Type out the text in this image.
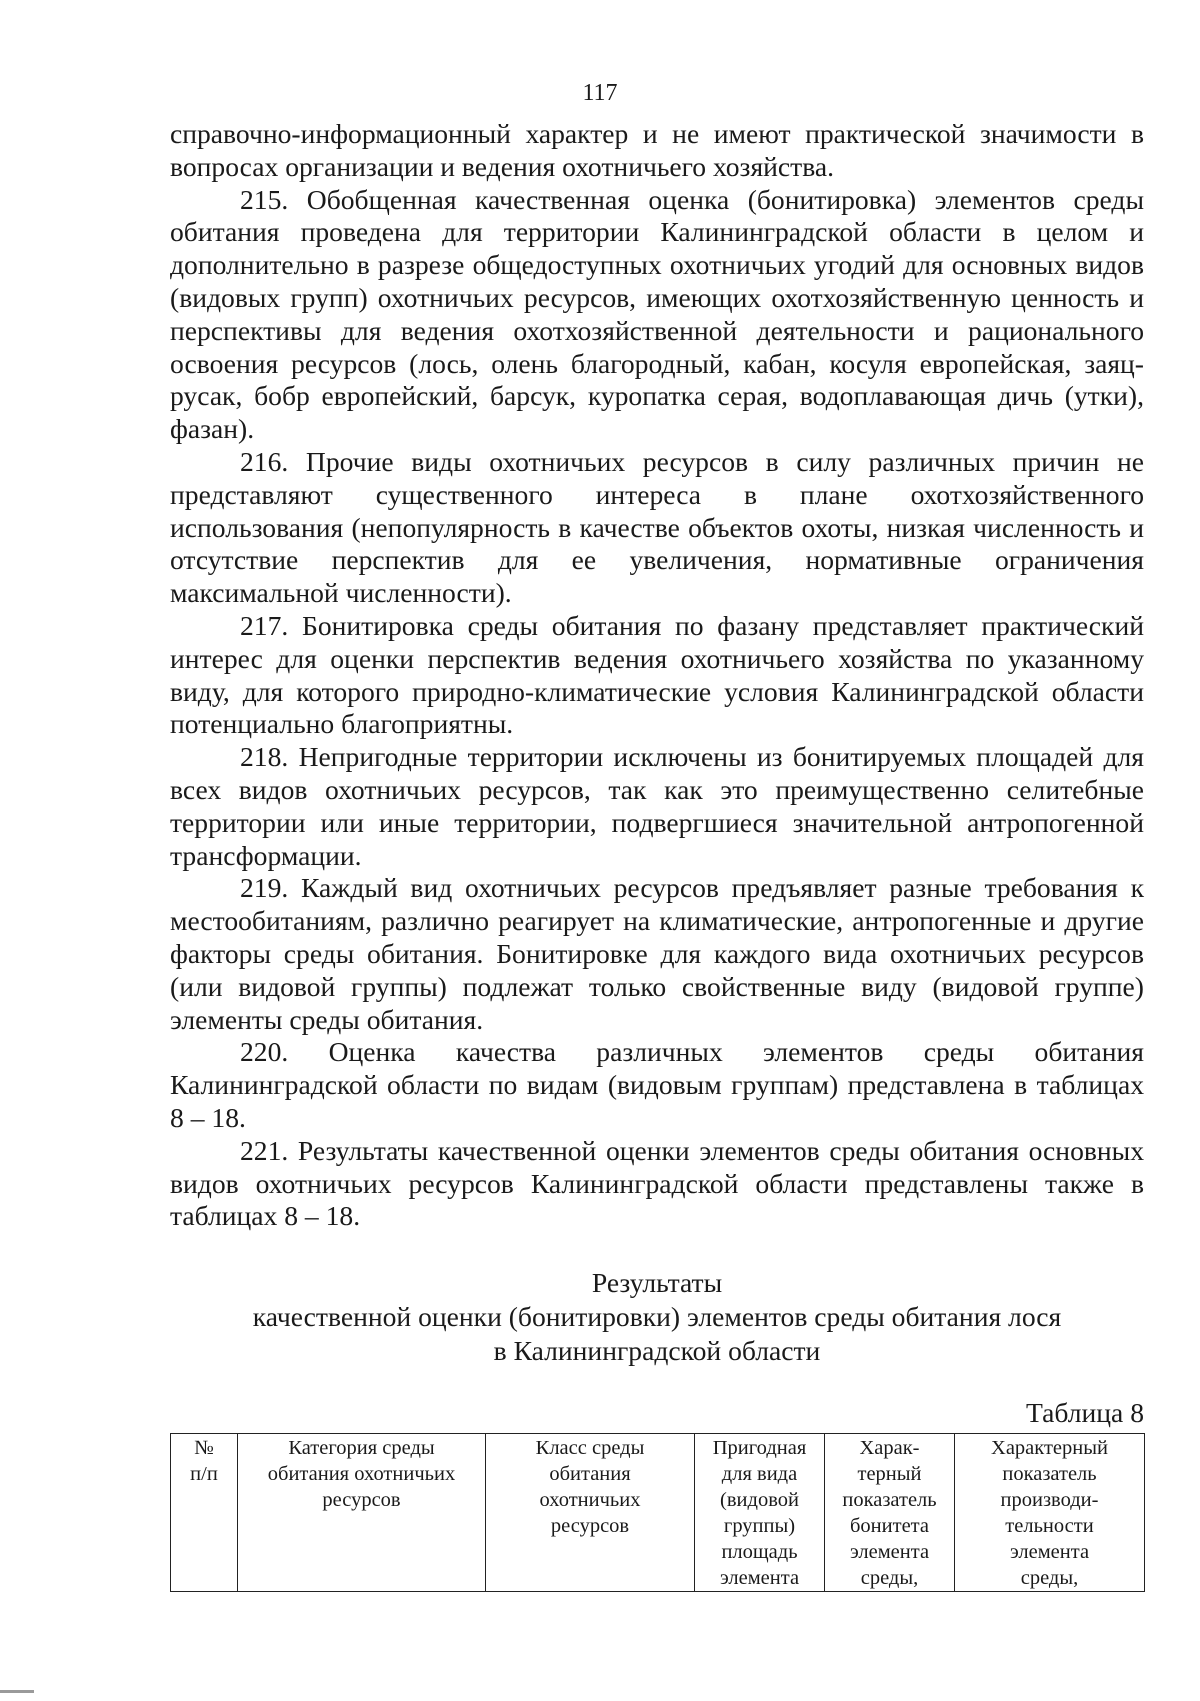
117

справочно-информационный характер и не имеют практической значимости в вопросах организации и ведения охотничьего хозяйства.

215. Обобщенная качественная оценка (бонитировка) элементов среды обитания проведена для территории Калининградской области в целом и дополнительно в разрезе общедоступных охотничьих угодий для основных видов (видовых групп) охотничьих ресурсов, имеющих охотхозяйственную ценность и перспективы для ведения охотхозяйственной деятельности и рационального освоения ресурсов (лось, олень благородный, кабан, косуля европейская, заяц-русак, бобр европейский, барсук, куропатка серая, водоплавающая дичь (утки), фазан).

216. Прочие виды охотничьих ресурсов в силу различных причин не представляют существенного интереса в плане охотхозяйственного использования (непопулярность в качестве объектов охоты, низкая численность и отсутствие перспектив для ее увеличения, нормативные ограничения максимальной численности).

217. Бонитировка среды обитания по фазану представляет практический интерес для оценки перспектив ведения охотничьего хозяйства по указанному виду, для которого природно-климатические условия Калининградской области потенциально благоприятны.

218. Непригодные территории исключены из бонитируемых площадей для всех видов охотничьих ресурсов, так как это преимущественно селитебные территории или иные территории, подвергшиеся значительной антропогенной трансформации.

219. Каждый вид охотничьих ресурсов предъявляет разные требования к местообитаниям, различно реагирует на климатические, антропогенные и другие факторы среды обитания. Бонитировке для каждого вида охотничьих ресурсов (или видовой группы) подлежат только свойственные виду (видовой группе) элементы среды обитания.

220. Оценка качества различных элементов среды обитания Калининградской области по видам (видовым группам) представлена в таблицах 8 – 18.

221. Результаты качественной оценки элементов среды обитания основных видов охотничьих ресурсов Калининградской области представлены также в таблицах 8 – 18.

Результаты
качественной оценки (бонитировки) элементов среды обитания лося
в Калининградской области
Таблица 8
№
п/п	Категория среды
обитания охотничьих
ресурсов	Класс среды
обитания
охотничьих
ресурсов	Пригодная
для вида
(видовой
группы)
площадь
элемента	Харак-
терный
показатель
бонитета
элемента
среды,	Характерный
показатель
производи-
тельности
элемента
среды,
